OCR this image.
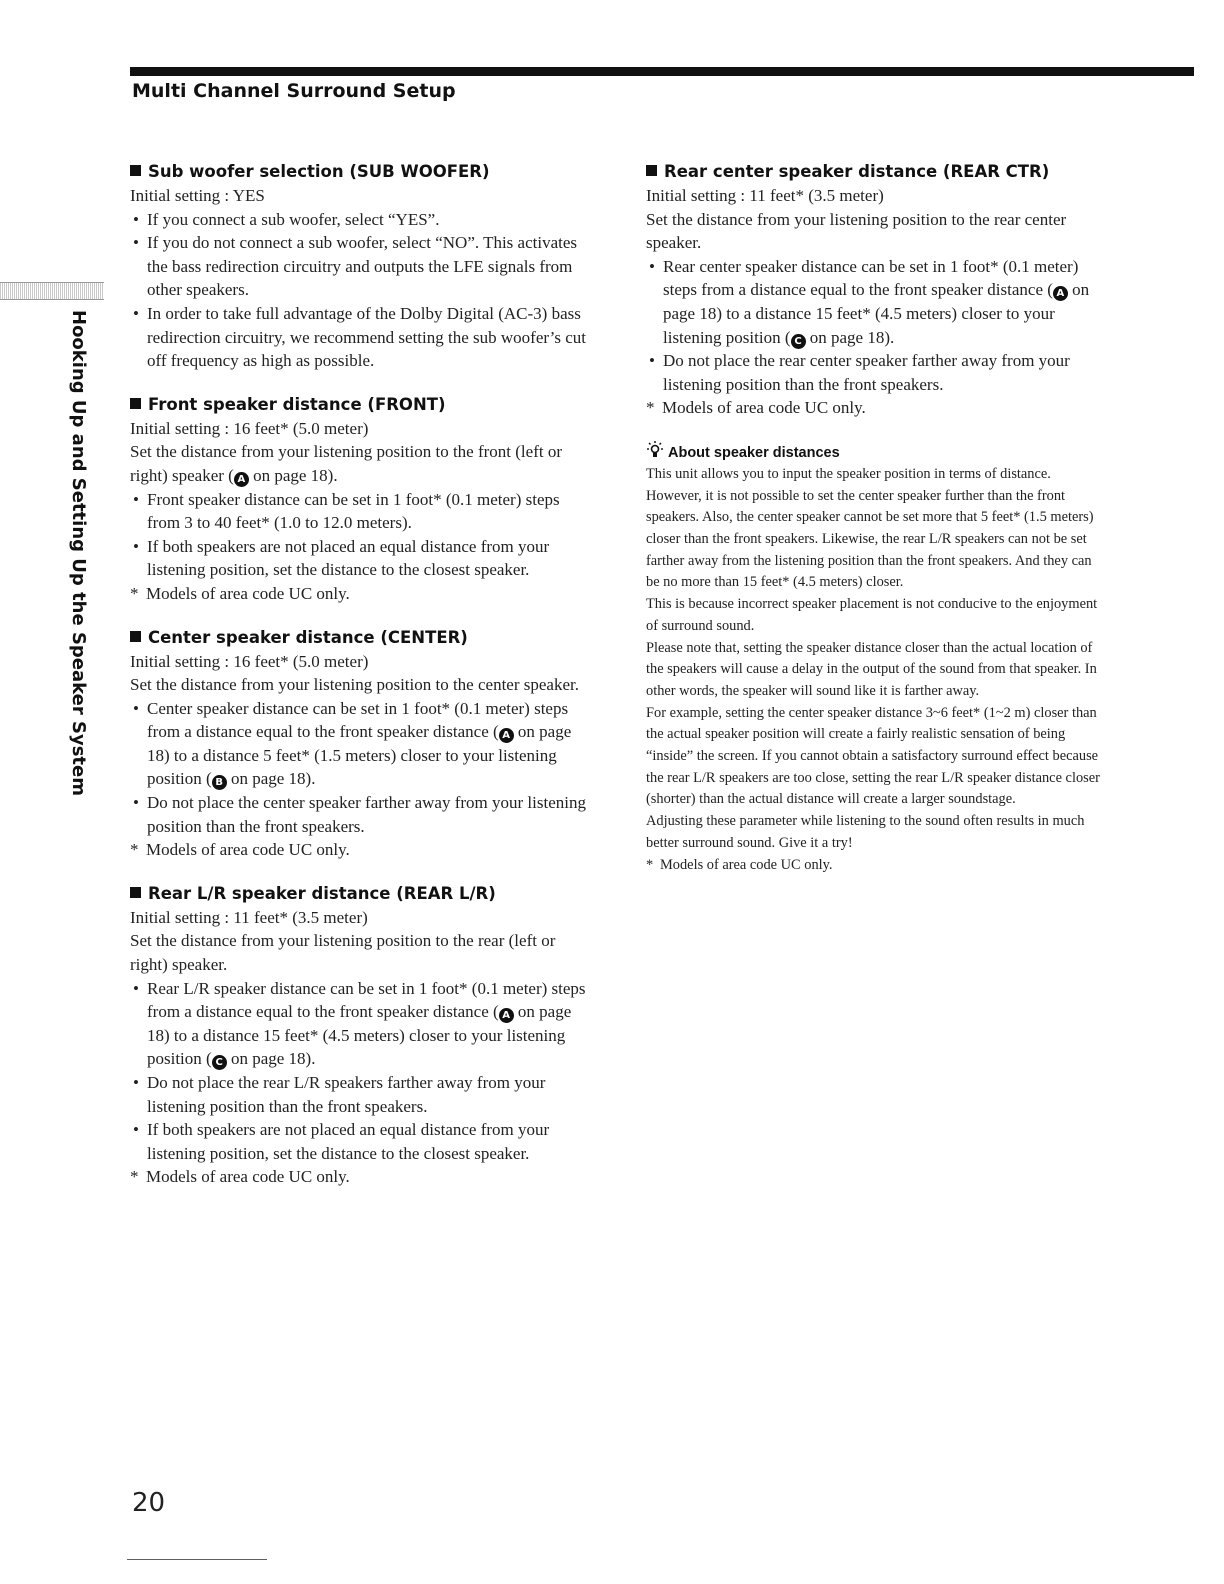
Multi Channel Surround Setup
Hooking Up and Setting Up the Speaker System
Sub woofer selection (SUB WOOFER)
Initial setting : YES
• If you connect a sub woofer, select “YES”.
• If you do not connect a sub woofer, select “NO”. This activates the bass redirection circuitry and outputs the LFE signals from other speakers.
• In order to take full advantage of the Dolby Digital (AC-3) bass redirection circuitry, we recommend setting the sub woofer’s cut off frequency as high as possible.
Front speaker distance (FRONT)
Initial setting : 16 feet* (5.0 meter)
Set the distance from your listening position to the front (left or right) speaker ( A on page 18).
• Front speaker distance can be set in 1 foot* (0.1 meter) steps from 3 to 40 feet* (1.0 to 12.0 meters).
• If both speakers are not placed an equal distance from your listening position, set the distance to the closest speaker.
* Models of area code UC only.
Center speaker distance (CENTER)
Initial setting : 16 feet* (5.0 meter)
Set the distance from your listening position to the center speaker.
• Center speaker distance can be set in 1 foot* (0.1 meter) steps from a distance equal to the front speaker distance ( A on page 18) to a distance 5 feet* (1.5 meters) closer to your listening position ( B on page 18).
• Do not place the center speaker farther away from your listening position than the front speakers.
* Models of area code UC only.
Rear L/R speaker distance (REAR L/R)
Initial setting : 11 feet* (3.5 meter)
Set the distance from your listening position to the rear (left or right) speaker.
• Rear L/R speaker distance can be set in 1 foot* (0.1 meter) steps from a distance equal to the front speaker distance ( A on page 18) to a distance 15 feet* (4.5 meters) closer to your listening position ( C on page 18).
• Do not place the rear L/R speakers farther away from your listening position than the front speakers.
• If both speakers are not placed an equal distance from your listening position, set the distance to the closest speaker.
* Models of area code UC only.
Rear center speaker distance (REAR CTR)
Initial setting : 11 feet* (3.5 meter)
Set the distance from your listening position to the rear center speaker.
• Rear center speaker distance can be set in 1 foot* (0.1 meter) steps from a distance equal to the front speaker distance ( A on page 18) to a distance 15 feet* (4.5 meters) closer to your listening position ( C on page 18).
• Do not place the rear center speaker farther away from your listening position than the front speakers.
* Models of area code UC only.
About speaker distances
This unit allows you to input the speaker position in terms of distance. However, it is not possible to set the center speaker further than the front speakers. Also, the center speaker cannot be set more that 5 feet* (1.5 meters) closer than the front speakers. Likewise, the rear L/R speakers can not be set farther away from the listening position than the front speakers. And they can be no more than 15 feet* (4.5 meters) closer.
This is because incorrect speaker placement is not conducive to the enjoyment of surround sound.
Please note that, setting the speaker distance closer than the actual location of the speakers will cause a delay in the output of the sound from that speaker. In other words, the speaker will sound like it is farther away.
For example, setting the center speaker distance 3~6 feet* (1~2 m) closer than the actual speaker position will create a fairly realistic sensation of being “inside” the screen. If you cannot obtain a satisfactory surround effect because the rear L/R speakers are too close, setting the rear L/R speaker distance closer (shorter) than the actual distance will create a larger soundstage.
Adjusting these parameter while listening to the sound often results in much better surround sound. Give it a try!
* Models of area code UC only.
20
